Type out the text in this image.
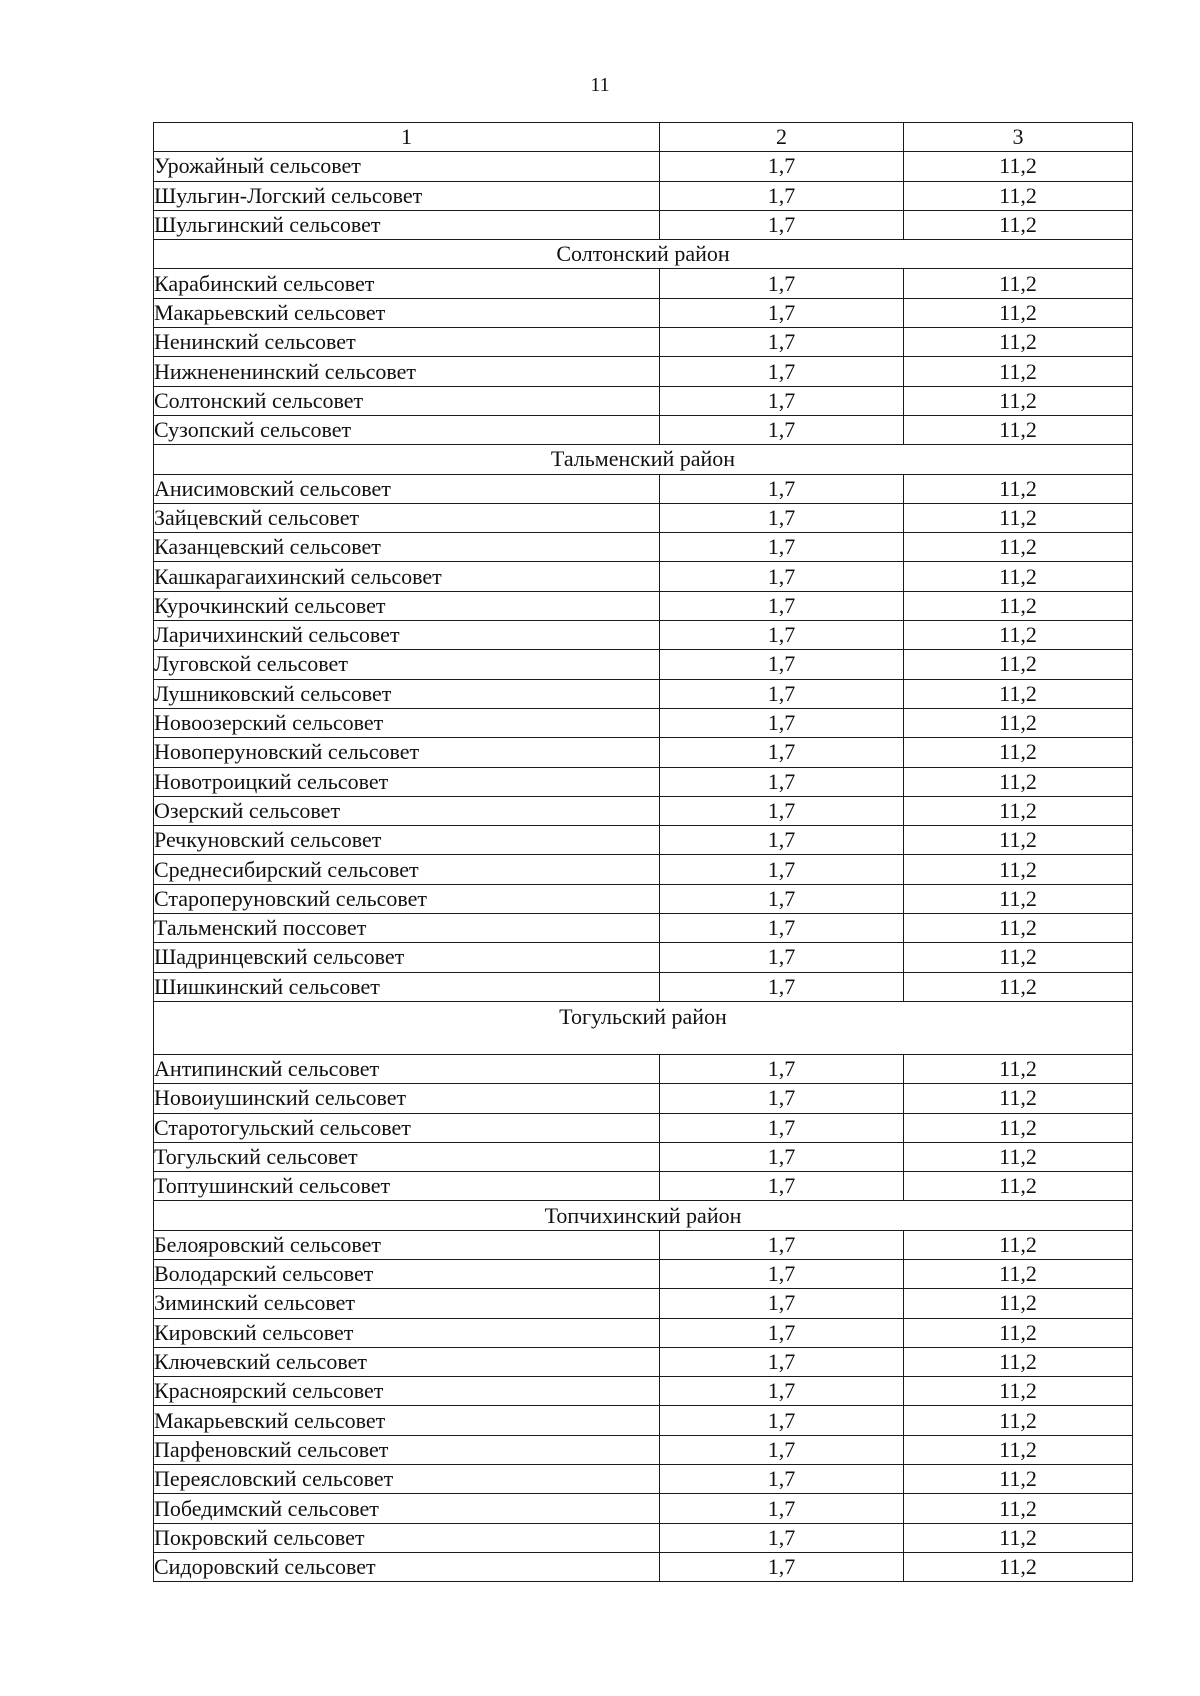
11
1	2	3
Урожайный сельсовет	1,7	11,2
Шульгин-Логский сельсовет	1,7	11,2
Шульгинский сельсовет	1,7	11,2
Солтонский район		
Карабинский сельсовет	1,7	11,2
Макарьевский сельсовет	1,7	11,2
Ненинский сельсовет	1,7	11,2
Нижнененинский сельсовет	1,7	11,2
Солтонский сельсовет	1,7	11,2
Сузопский сельсовет	1,7	11,2
Тальменский район		
Анисимовский сельсовет	1,7	11,2
Зайцевский сельсовет	1,7	11,2
Казанцевский сельсовет	1,7	11,2
Кашкарагаихинский сельсовет	1,7	11,2
Курочкинский сельсовет	1,7	11,2
Ларичихинский сельсовет	1,7	11,2
Луговской сельсовет	1,7	11,2
Лушниковский сельсовет	1,7	11,2
Новоозерский сельсовет	1,7	11,2
Новоперуновский сельсовет	1,7	11,2
Новотроицкий сельсовет	1,7	11,2
Озерский сельсовет	1,7	11,2
Речкуновский сельсовет	1,7	11,2
Среднесибирский сельсовет	1,7	11,2
Староперуновский сельсовет	1,7	11,2
Тальменский поссовет	1,7	11,2
Шадринцевский сельсовет	1,7	11,2
Шишкинский сельсовет	1,7	11,2
Тогульский район		
Антипинский сельсовет	1,7	11,2
Новоиушинский сельсовет	1,7	11,2
Старотогульский сельсовет	1,7	11,2
Тогульский сельсовет	1,7	11,2
Топтушинский сельсовет	1,7	11,2
Топчихинский район		
Белояровский сельсовет	1,7	11,2
Володарский сельсовет	1,7	11,2
Зиминский сельсовет	1,7	11,2
Кировский сельсовет	1,7	11,2
Ключевский сельсовет	1,7	11,2
Красноярский сельсовет	1,7	11,2
Макарьевский сельсовет	1,7	11,2
Парфеновский сельсовет	1,7	11,2
Переясловский сельсовет	1,7	11,2
Победимский сельсовет	1,7	11,2
Покровский сельсовет	1,7	11,2
Сидоровский сельсовет	1,7	11,2
